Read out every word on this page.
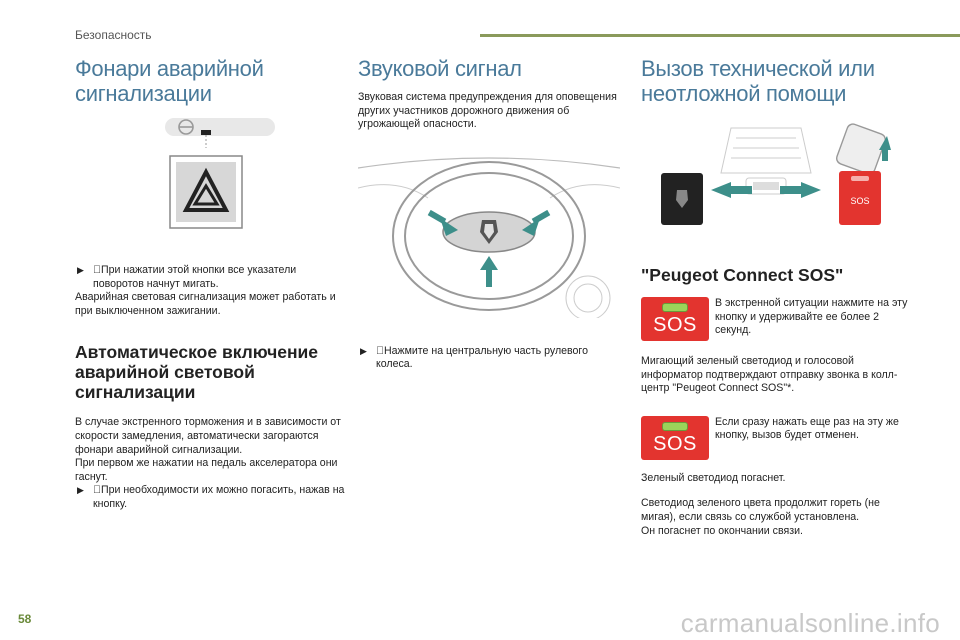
Безопасность
Фонари аварийной сигнализации

▶ При нажатии этой кнопки все указатели поворотов начнут мигать.

Аварийная световая сигнализация может работать и при выключенном зажигании.

Автоматическое включение аварийной световой сигнализации

В случае экстренного торможения и в зависимости от скорости замедления, автоматически загораются фонари аварийной сигнализации.

При первом же нажатии на педаль акселератора они гаснут.

▶ При необходимости их можно погасить, нажав на кнопку.

Звуковой сигнал

Звуковая система предупреждения для оповещения других участников дорожного движения об угрожающей опасности.

▶ Нажмите на центральную часть рулевого колеса.

Вызов технической или
неотложной помощи
SOS
"Peugeot Connect SOS"
SOS

В экстренной ситуации нажмите на эту кнопку и удерживайте ее более 2 секунд.

Мигающий зеленый светодиод и голосовой информатор подтверждают отправку звонка в колл-центр "Peugeot Connect SOS"*.

SOS

Если сразу нажать еще раз на эту же кнопку, вызов будет отменен.

Зеленый светодиод погаснет.

Светодиод зеленого цвета продолжит гореть (не мигая), если связь со службой установлена.

Он погаснет по окончании связи.

58	carmanualsonline.info
